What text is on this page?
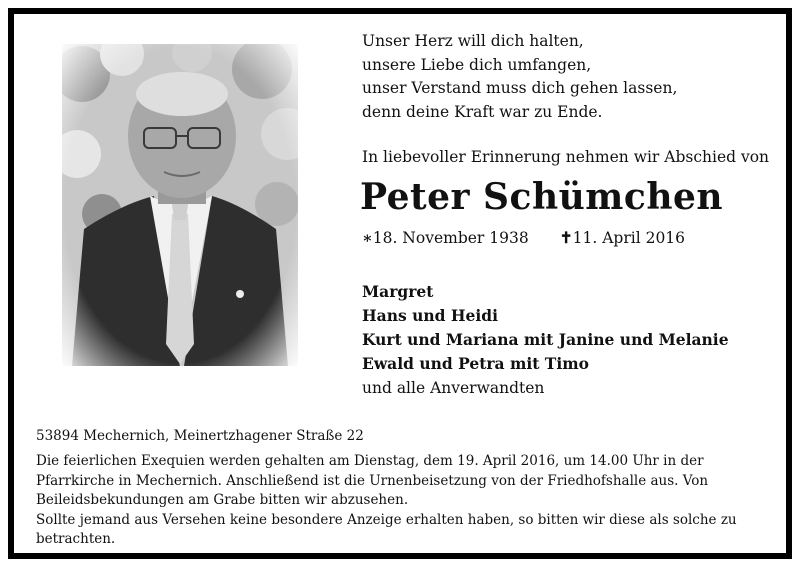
Unser Herz will dich halten,
unsere Liebe dich umfangen,
unser Verstand muss dich gehen lassen,
denn deine Kraft war zu Ende.
In liebevoller Erinnerung nehmen wir Abschied von
Peter Schümchen
∗18. November 1938 ✝11. April 2016
Margret
Hans und Heidi
Kurt und Mariana mit Janine und Melanie
Ewald und Petra mit Timo
und alle Anverwandten
53894 Mechernich, Meinertzhagener Straße 22

Die feierlichen Exequien werden gehalten am Dienstag, dem 19. April 2016, um 14.00 Uhr in der Pfarrkirche in Mechernich. Anschließend ist die Urnenbeisetzung von der Friedhofshalle aus. Von Beileidsbekundungen am Grabe bitten wir abzusehen.

Sollte jemand aus Versehen keine besondere Anzeige erhalten haben, so bitten wir diese als solche zu betrachten.
